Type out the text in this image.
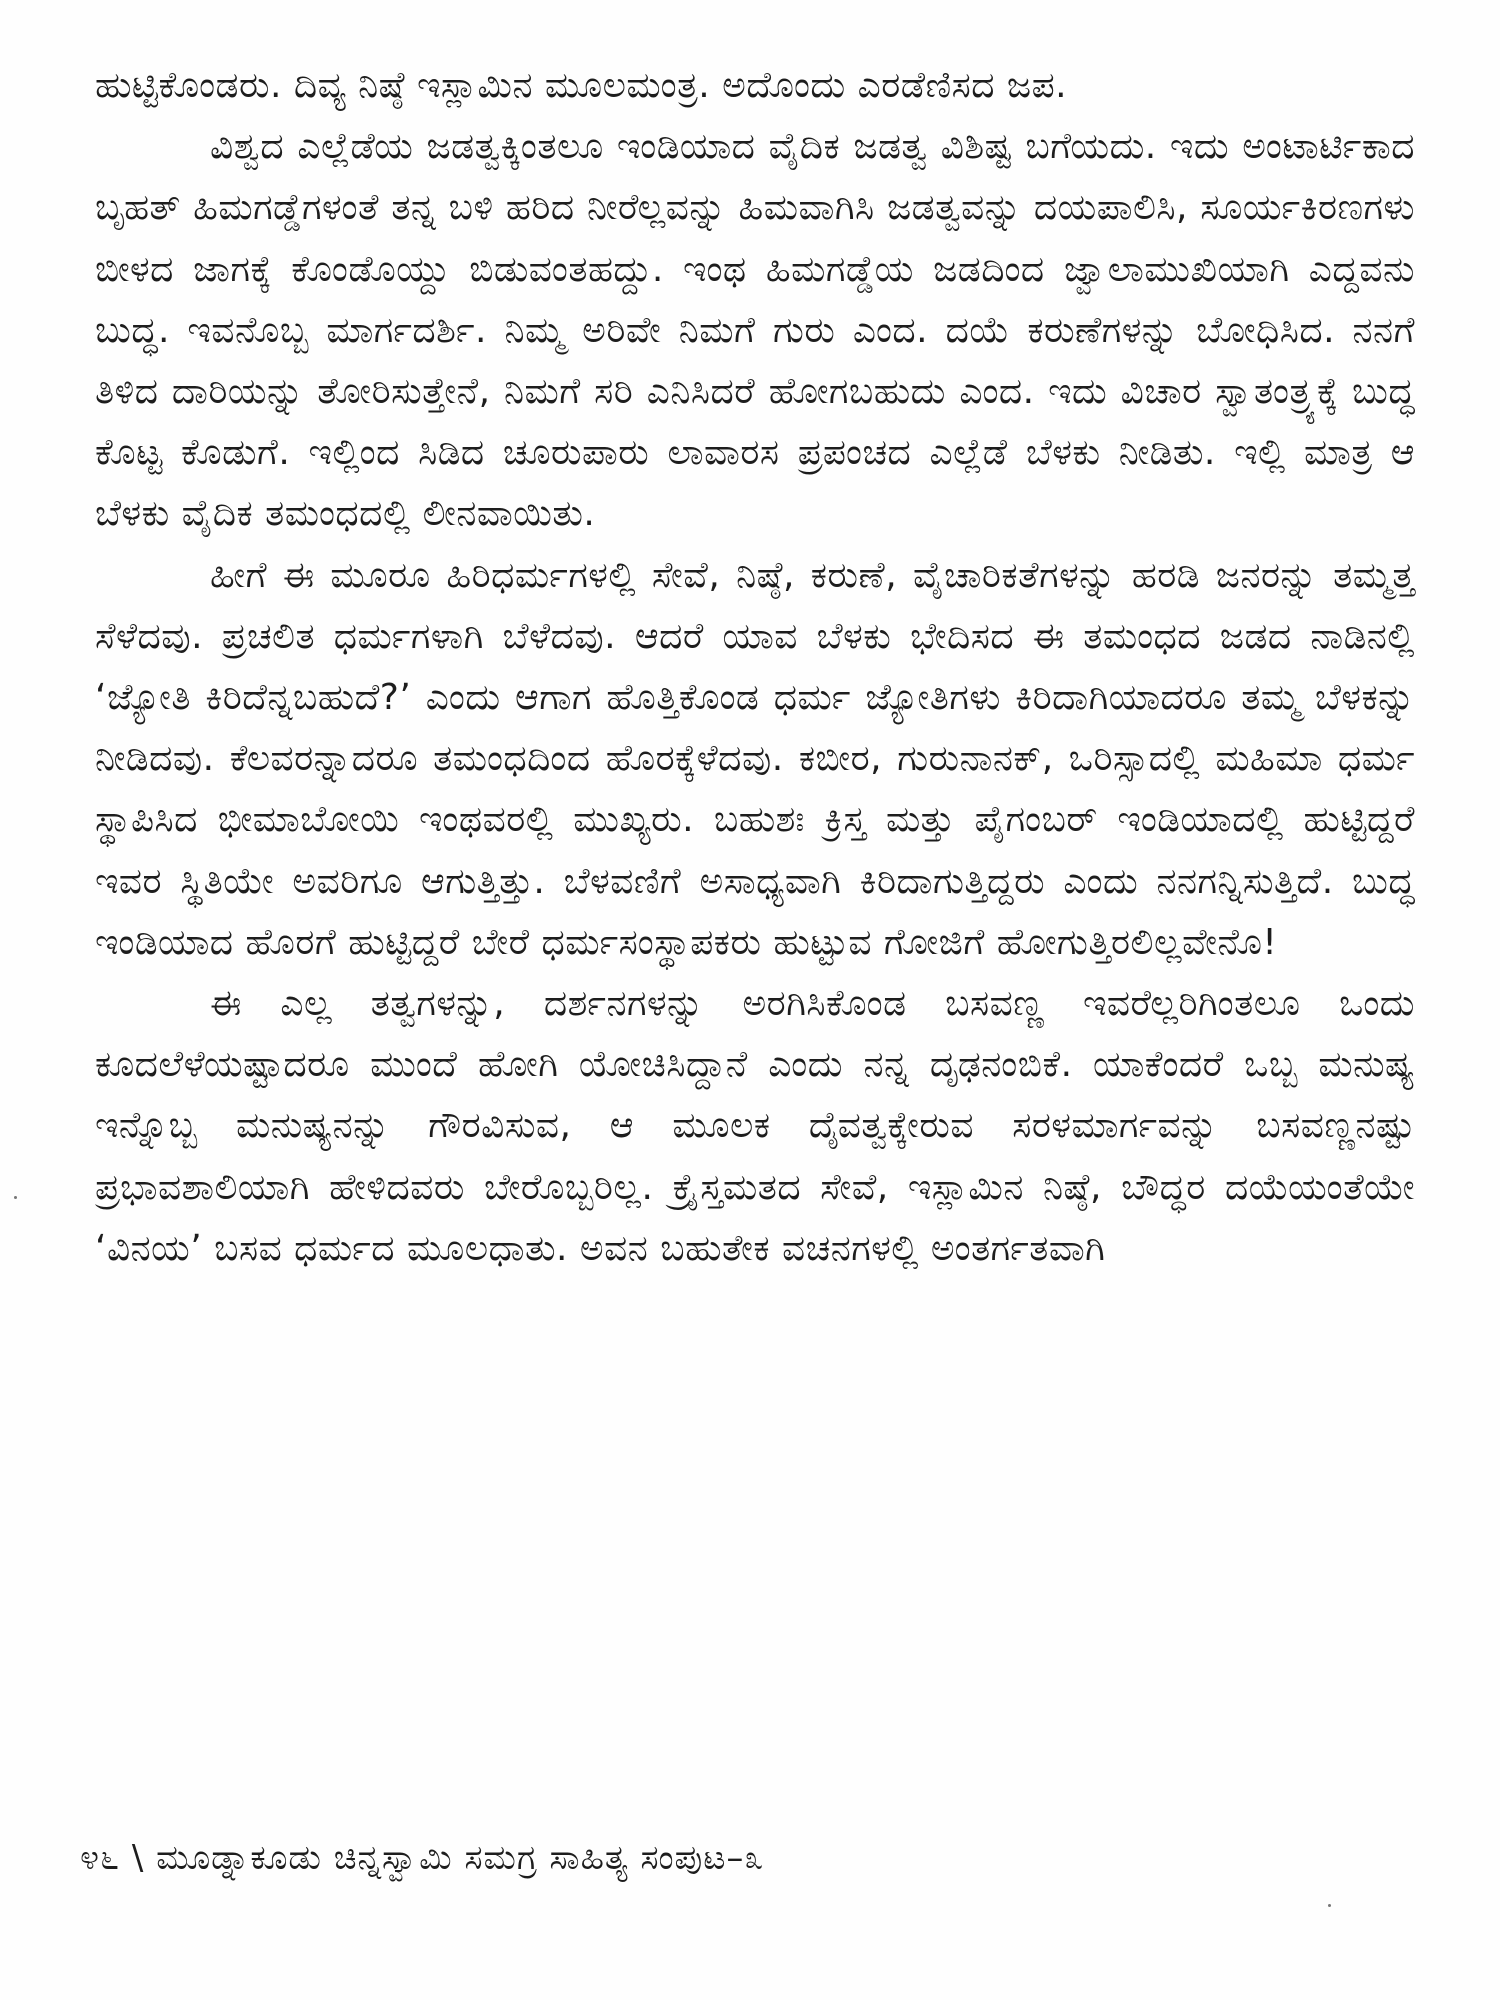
ಹುಟ್ಟಿಕೊಂಡರು. ದಿವ್ಯ ನಿಷ್ಠೆ ಇಸ್ಲಾಮಿನ ಮೂಲಮಂತ್ರ. ಅದೊಂದು ಎರಡೆಣಿಸದ ಜಪ.

ವಿಶ್ವದ ಎಲ್ಲೆಡೆಯ ಜಡತ್ವಕ್ಕಿಂತಲೂ ಇಂಡಿಯಾದ ವೈದಿಕ ಜಡತ್ವ ವಿಶಿಷ್ಟ ಬಗೆಯದು. ಇದು ಅಂಟಾರ್ಟಿಕಾದ ಬೃಹತ್ ಹಿಮಗಡ್ಡೆಗಳಂತೆ ತನ್ನ ಬಳಿ ಹರಿದ ನೀರೆಲ್ಲವನ್ನು ಹಿಮವಾಗಿಸಿ ಜಡತ್ವವನ್ನು ದಯಪಾಲಿಸಿ, ಸೂರ್ಯಕಿರಣಗಳು ಬೀಳದ ಜಾಗಕ್ಕೆ ಕೊಂಡೊಯ್ದು ಬಿಡುವಂತಹದ್ದು. ಇಂಥ ಹಿಮಗಡ್ಡೆಯ ಜಡದಿಂದ ಜ್ವಾಲಾಮುಖಿಯಾಗಿ ಎದ್ದವನು ಬುದ್ಧ. ಇವನೊಬ್ಬ ಮಾರ್ಗದರ್ಶಿ. ನಿಮ್ಮ ಅರಿವೇ ನಿಮಗೆ ಗುರು ಎಂದ. ದಯೆ ಕರುಣೆಗಳನ್ನು ಬೋಧಿಸಿದ. ನನಗೆ ತಿಳಿದ ದಾರಿಯನ್ನು ತೋರಿಸುತ್ತೇನೆ, ನಿಮಗೆ ಸರಿ ಎನಿಸಿದರೆ ಹೋಗಬಹುದು ಎಂದ. ಇದು ವಿಚಾರ ಸ್ವಾತಂತ್ರ್ಯಕ್ಕೆ ಬುದ್ಧ ಕೊಟ್ಟ ಕೊಡುಗೆ. ಇಲ್ಲಿಂದ ಸಿಡಿದ ಚೂರುಪಾರು ಲಾವಾರಸ ಪ್ರಪಂಚದ ಎಲ್ಲೆಡೆ ಬೆಳಕು ನೀಡಿತು. ಇಲ್ಲಿ ಮಾತ್ರ ಆ ಬೆಳಕು ವೈದಿಕ ತಮಂಧದಲ್ಲಿ ಲೀನವಾಯಿತು.

ಹೀಗೆ ಈ ಮೂರೂ ಹಿರಿಧರ್ಮಗಳಲ್ಲಿ ಸೇವೆ, ನಿಷ್ಠೆ, ಕರುಣೆ, ವೈಚಾರಿಕತೆಗಳನ್ನು ಹರಡಿ ಜನರನ್ನು ತಮ್ಮತ್ತ ಸೆಳೆದವು. ಪ್ರಚಲಿತ ಧರ್ಮಗಳಾಗಿ ಬೆಳೆದವು. ಆದರೆ ಯಾವ ಬೆಳಕು ಭೇದಿಸದ ಈ ತಮಂಧದ ಜಡದ ನಾಡಿನಲ್ಲಿ ‘ಜ್ಯೋತಿ ಕಿರಿದೆನ್ನಬಹುದೆ?’ ಎಂದು ಆಗಾಗ ಹೊತ್ತಿಕೊಂಡ ಧರ್ಮ ಜ್ಯೋತಿಗಳು ಕಿರಿದಾಗಿಯಾದರೂ ತಮ್ಮ ಬೆಳಕನ್ನು ನೀಡಿದವು. ಕೆಲವರನ್ನಾದರೂ ತಮಂಧದಿಂದ ಹೊರಕ್ಕೆಳೆದವು. ಕಬೀರ, ಗುರುನಾನಕ್, ಒರಿಸ್ಸಾದಲ್ಲಿ ಮಹಿಮಾ ಧರ್ಮ ಸ್ಥಾಪಿಸಿದ ಭೀಮಾಬೋಯಿ ಇಂಥವರಲ್ಲಿ ಮುಖ್ಯರು. ಬಹುಶಃ ಕ್ರಿಸ್ತ ಮತ್ತು ಪೈಗಂಬರ್ ಇಂಡಿಯಾದಲ್ಲಿ ಹುಟ್ಟಿದ್ದರೆ ಇವರ ಸ್ಥಿತಿಯೇ ಅವರಿಗೂ ಆಗುತ್ತಿತ್ತು. ಬೆಳವಣಿಗೆ ಅಸಾಧ್ಯವಾಗಿ ಕಿರಿದಾಗುತ್ತಿದ್ದರು ಎಂದು ನನಗನ್ನಿಸುತ್ತಿದೆ. ಬುದ್ಧ ಇಂಡಿಯಾದ ಹೊರಗೆ ಹುಟ್ಟಿದ್ದರೆ ಬೇರೆ ಧರ್ಮಸಂಸ್ಥಾಪಕರು ಹುಟ್ಟುವ ಗೋಜಿಗೆ ಹೋಗುತ್ತಿರಲಿಲ್ಲವೇನೊ!

ಈ ಎಲ್ಲ ತತ್ವಗಳನ್ನು, ದರ್ಶನಗಳನ್ನು ಅರಗಿಸಿಕೊಂಡ ಬಸವಣ್ಣ ಇವರೆಲ್ಲರಿಗಿಂತಲೂ ಒಂದು ಕೂದಲೆಳೆಯಷ್ಟಾದರೂ ಮುಂದೆ ಹೋಗಿ ಯೋಚಿಸಿದ್ದಾನೆ ಎಂದು ನನ್ನ ದೃಢನಂಬಿಕೆ. ಯಾಕೆಂದರೆ ಒಬ್ಬ ಮನುಷ್ಯ ಇನ್ನೊಬ್ಬ ಮನುಷ್ಯನನ್ನು ಗೌರವಿಸುವ, ಆ ಮೂಲಕ ದೈವತ್ವಕ್ಕೇರುವ ಸರಳಮಾರ್ಗವನ್ನು ಬಸವಣ್ಣನಷ್ಟು ಪ್ರಭಾವಶಾಲಿಯಾಗಿ ಹೇಳಿದವರು ಬೇರೊಬ್ಬರಿಲ್ಲ. ಕ್ರೈಸ್ತಮತದ ಸೇವೆ, ಇಸ್ಲಾಮಿನ ನಿಷ್ಠೆ, ಬೌದ್ಧರ ದಯೆಯಂತೆಯೇ ‘ವಿನಯ’ ಬಸವ ಧರ್ಮದ ಮೂಲಧಾತು. ಅವನ ಬಹುತೇಕ ವಚನಗಳಲ್ಲಿ ಅಂತರ್ಗತವಾಗಿ

೪೬ \ ಮೂಡ್ನಾಕೂಡು ಚಿನ್ನಸ್ವಾಮಿ ಸಮಗ್ರ ಸಾಹಿತ್ಯ ಸಂಪುಟ–೩
